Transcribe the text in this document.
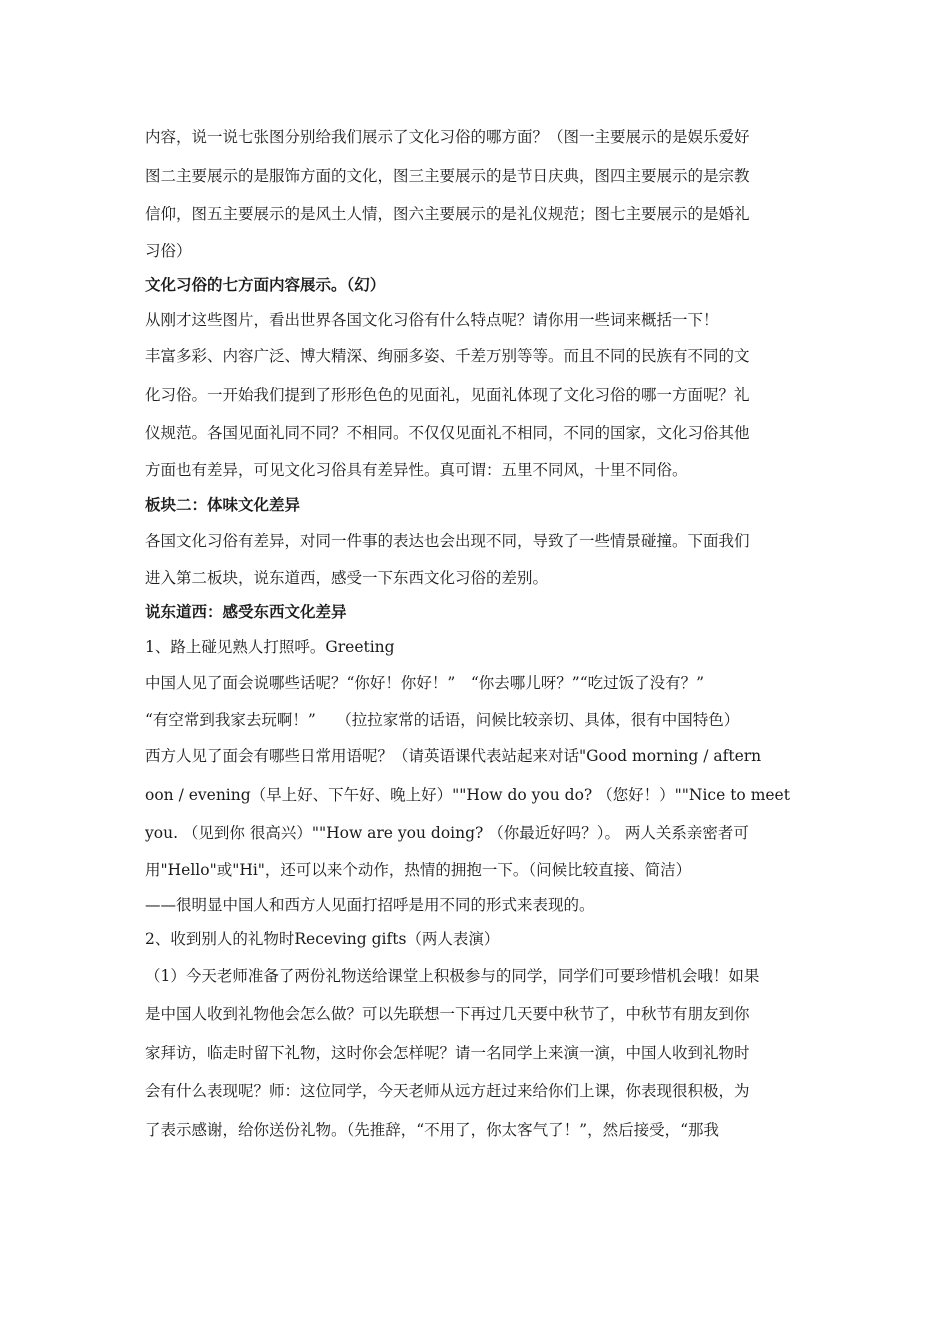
内容，说一说七张图分别给我们展示了文化习俗的哪方面？（图一主要展示的是娱乐爱好
图二主要展示的是服饰方面的文化，图三主要展示的是节日庆典，图四主要展示的是宗教
信仰，图五主要展示的是风土人情，图六主要展示的是礼仪规范；图七主要展示的是婚礼
习俗）
文化习俗的七方面内容展示。（幻）
从刚才这些图片，看出世界各国文化习俗有什么特点呢？请你用一些词来概括一下！
丰富多彩、内容广泛、博大精深、绚丽多姿、千差万别等等。而且不同的民族有不同的文
化习俗。一开始我们提到了形形色色的见面礼，见面礼体现了文化习俗的哪一方面呢？礼
仪规范。各国见面礼同不同？不相同。不仅仅见面礼不相同，不同的国家，文化习俗其他
方面也有差异，可见文化习俗具有差异性。真可谓：五里不同风，十里不同俗。
板块二：体味文化差异
各国文化习俗有差异，对同一件事的表达也会出现不同，导致了一些情景碰撞。下面我们
进入第二板块，说东道西，感受一下东西文化习俗的差别。
说东道西：感受东西文化差异
1、路上碰见熟人打照呼。Greeting
中国人见了面会说哪些话呢？“你好！你好！”　“你去哪儿呀？”“吃过饭了没有？”
“有空常到我家去玩啊！”　 （拉拉家常的话语，问候比较亲切、具体，很有中国特色）
西方人见了面会有哪些日常用语呢？（请英语课代表站起来对话"Good morning / aftern
oon / evening（早上好、下午好、晚上好）""How do you do? （您好！）""Nice to meet
you. （见到你 很高兴）""How are you doing? （你最近好吗？）。 两人关系亲密者可
用"Hello"或"Hi"，还可以来个动作，热情的拥抱一下。（问候比较直接、简洁）
——很明显中国人和西方人见面打招呼是用不同的形式来表现的。
2、收到别人的礼物时Receving gifts（两人表演）
（1）今天老师准备了两份礼物送给课堂上积极参与的同学，同学们可要珍惜机会哦！如果
是中国人收到礼物他会怎么做？可以先联想一下再过几天要中秋节了，中秋节有朋友到你
家拜访，临走时留下礼物，这时你会怎样呢？请一名同学上来演一演，中国人收到礼物时
会有什么表现呢？师：这位同学，今天老师从远方赶过来给你们上课，你表现很积极，为
了表示感谢，给你送份礼物。（先推辞，“不用了，你太客气了！”，然后接受，“那我
